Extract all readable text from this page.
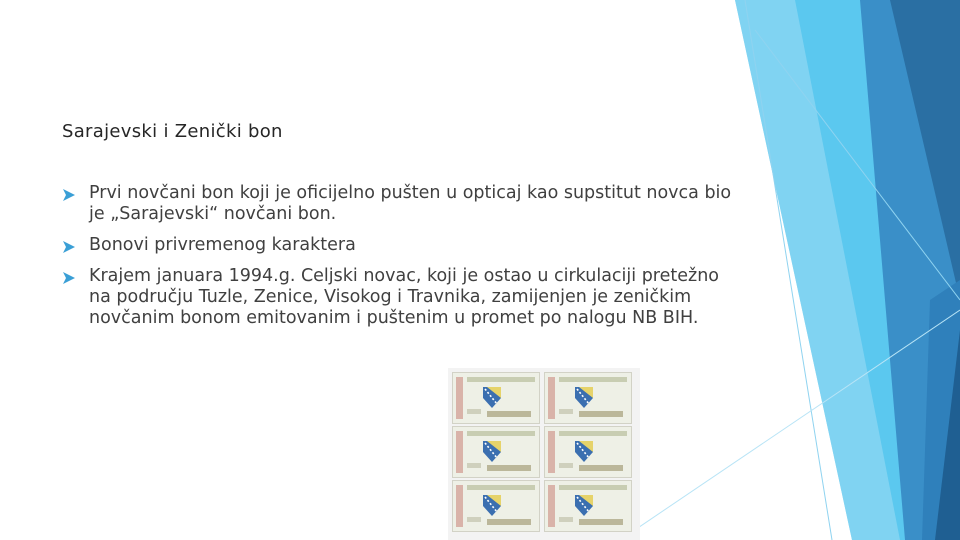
Sarajevski i Zenički bon
Prvi novčani bon koji je oficijelno pušten u opticaj kao supstitut novca bio je „Sarajevski“ novčani bon.
Bonovi privremenog karaktera
Krajem januara 1994.g. Celjski novac, koji je ostao u cirkulaciji pretežno na području Tuzle, Zenice, Visokog i Travnika, zamijenjen je zeničkim novčanim bonom emitovanim i puštenim u promet po nalogu NB BIH.
